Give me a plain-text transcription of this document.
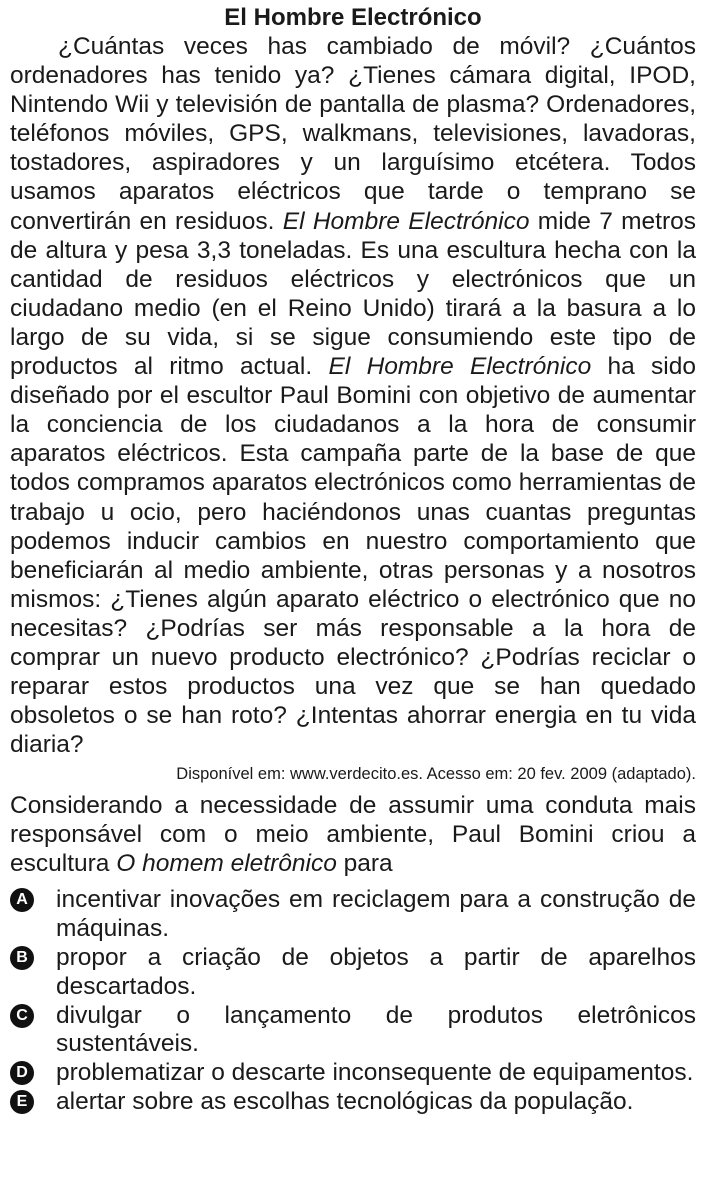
El Hombre Electrónico

¿Cuántas veces has cambiado de móvil? ¿Cuántos ordenadores has tenido ya? ¿Tienes cámara digital, IPOD, Nintendo Wii y televisión de pantalla de plasma? Ordenadores, teléfonos móviles, GPS, walkmans, televisiones, lavadoras, tostadores, aspiradores y un larguísimo etcétera. Todos usamos aparatos eléctricos que tarde o temprano se convertirán en residuos. El Hombre Electrónico mide 7 metros de altura y pesa 3,3 toneladas. Es una escultura hecha con la cantidad de residuos eléctricos y electrónicos que un ciudadano medio (en el Reino Unido) tirará a la basura a lo largo de su vida, si se sigue consumiendo este tipo de productos al ritmo actual. El Hombre Electrónico ha sido diseñado por el escultor Paul Bomini con objetivo de aumentar la conciencia de los ciudadanos a la hora de consumir aparatos eléctricos. Esta campaña parte de la base de que todos compramos aparatos electrónicos como herramientas de trabajo u ocio, pero haciéndonos unas cuantas preguntas podemos inducir cambios en nuestro comportamiento que beneficiarán al medio ambiente, otras personas y a nosotros mismos: ¿Tienes algún aparato eléctrico o electrónico que no necesitas? ¿Podrías ser más responsable a la hora de comprar un nuevo producto electrónico? ¿Podrías reciclar o reparar estos productos una vez que se han quedado obsoletos o se han roto? ¿Intentas ahorrar energia en tu vida diaria?

Disponível em: www.verdecito.es. Acesso em: 20 fev. 2009 (adaptado).

Considerando a necessidade de assumir uma conduta mais responsável com o meio ambiente, Paul Bomini criou a escultura O homem eletrônico para

A incentivar inovações em reciclagem para a construção de máquinas.
B propor a criação de objetos a partir de aparelhos descartados.
C divulgar o lançamento de produtos eletrônicos sustentáveis.
D problematizar o descarte inconsequente de equipamentos.
E alertar sobre as escolhas tecnológicas da população.
